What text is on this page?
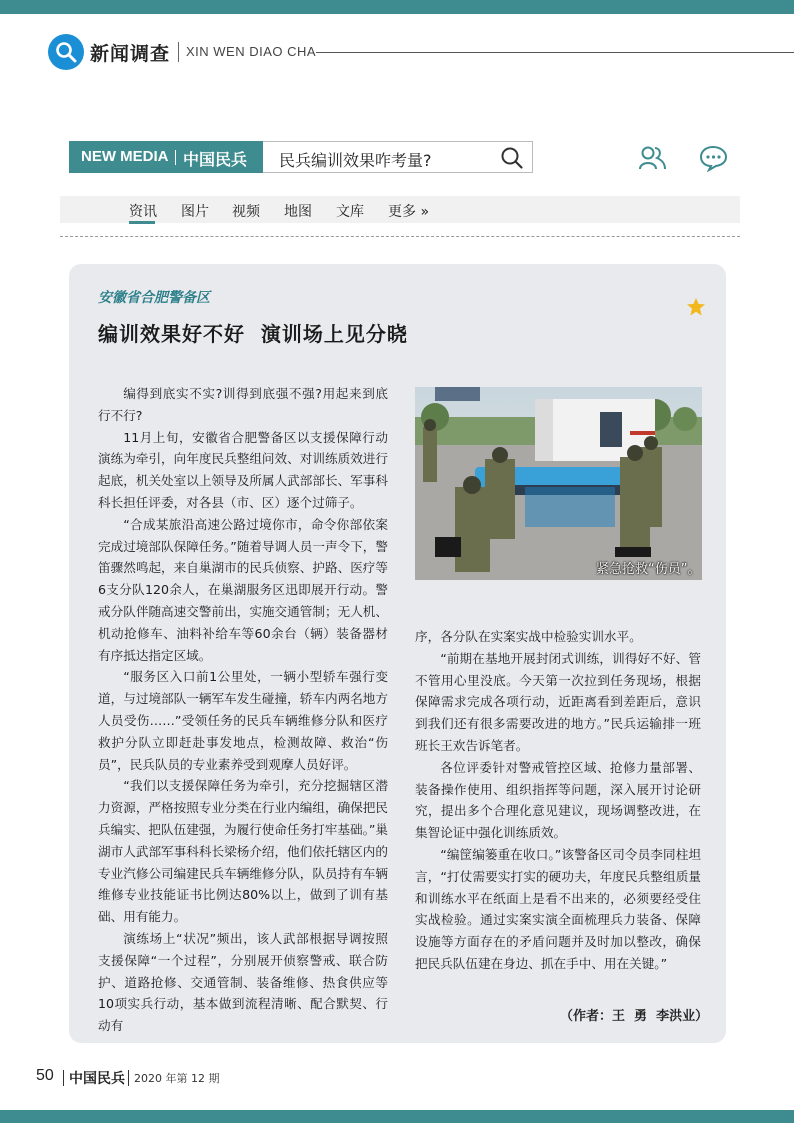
新闻调查 XIN WEN DIAO CHA
NEW MEDIA 中国民兵 民兵编训效果咋考量?
资讯 图片 视频 地图 文库 更多 »
安徽省合肥警备区
编训效果好不好  演训场上见分晓

编得到底实不实?训得到底强不强?用起来到底行不行?

11月上旬，安徽省合肥警备区以支援保障行动演练为牵引，向年度民兵整组问效、对训练质效进行起底，机关处室以上领导及所属人武部部长、军事科科长担任评委，对各县（市、区）逐个过筛子。

“合成某旅沿高速公路过境你市，命令你部依案完成过境部队保障任务。”随着导调人员一声令下，警笛骤然鸣起，来自巢湖市的民兵侦察、护路、医疗等6支分队120余人，在巢湖服务区迅即展开行动。警戒分队伴随高速交警前出，实施交通管制；无人机、机动抢修车、油料补给车等60余台（辆）装备器材有序抵达指定区域。

“服务区入口前1公里处，一辆小型轿车强行变道，与过境部队一辆军车发生碰撞，轿车内两名地方人员受伤……”受领任务的民兵车辆维修分队和医疗救护分队立即赶赴事发地点，检测故障、救治“伤员”，民兵队员的专业素养受到观摩人员好评。

“我们以支援保障任务为牵引，充分挖掘辖区潜力资源，严格按照专业分类在行业内编组，确保把民兵编实、把队伍建强，为履行使命任务打牢基础。”巢湖市人武部军事科科长梁杨介绍，他们依托辖区内的专业汽修公司编建民兵车辆维修分队，队员持有车辆维修专业技能证书比例达80%以上，做到了训有基础、用有能力。

演练场上“状况”频出，该人武部根据导调按照支援保障“一个过程”，分别展开侦察警戒、联合防护、道路抢修、交通管制、装备维修、热食供应等10项实兵行动，基本做到流程清晰、配合默契、行动有

紧急抢救“伤员”。

序，各分队在实案实战中检验实训水平。

“前期在基地开展封闭式训练，训得好不好、管不管用心里没底。今天第一次拉到任务现场，根据保障需求完成各项行动，近距离看到差距后，意识到我们还有很多需要改进的地方。”民兵运输排一班班长王欢告诉笔者。

各位评委针对警戒管控区域、抢修力量部署、装备操作使用、组织指挥等问题，深入展开讨论研究，提出多个合理化意见建议，现场调整改进，在集智论证中强化训练质效。

“编筐编篓重在收口。”该警备区司令员李同柱坦言，“打仗需要实打实的硬功夫，年度民兵整组质量和训练水平在纸面上是看不出来的，必须要经受住实战检验。通过实案实演全面梳理兵力装备、保障设施等方面存在的矛盾问题并及时加以整改，确保把民兵队伍建在身边、抓在手中、用在关键。”

（作者：王  勇  李洪业）
50 中国民兵 2020 年第 12 期
